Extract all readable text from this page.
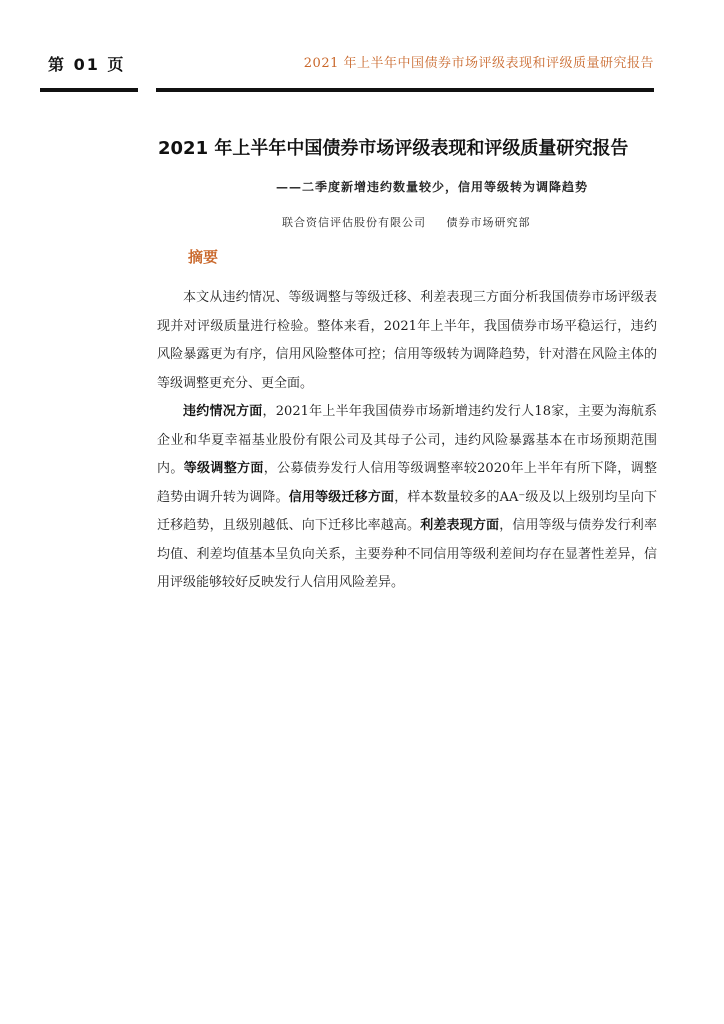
第 01 页	2021 年上半年中国债券市场评级表现和评级质量研究报告
2021 年上半年中国债券市场评级表现和评级质量研究报告
——二季度新增违约数量较少，信用等级转为调降趋势
联合资信评估股份有限公司 债券市场研究部
摘要

本文从违约情况、等级调整与等级迁移、利差表现三方面分析我国债券市场评级表现并对评级质量进行检验。整体来看，2021年上半年，我国债券市场平稳运行，违约风险暴露更为有序，信用风险整体可控；信用等级转为调降趋势，针对潜在风险主体的等级调整更充分、更全面。

违约情况方面，2021年上半年我国债券市场新增违约发行人18家，主要为海航系企业和华夏幸福基业股份有限公司及其母子公司，违约风险暴露基本在市场预期范围内。等级调整方面，公募债券发行人信用等级调整率较2020年上半年有所下降，调整趋势由调升转为调降。信用等级迁移方面，样本数量较多的AA⁻级及以上级别均呈向下迁移趋势，且级别越低、向下迁移比率越高。利差表现方面，信用等级与债券发行利率均值、利差均值基本呈负向关系，主要券种不同信用等级利差间均存在显著性差异，信用评级能够较好反映发行人信用风险差异。
